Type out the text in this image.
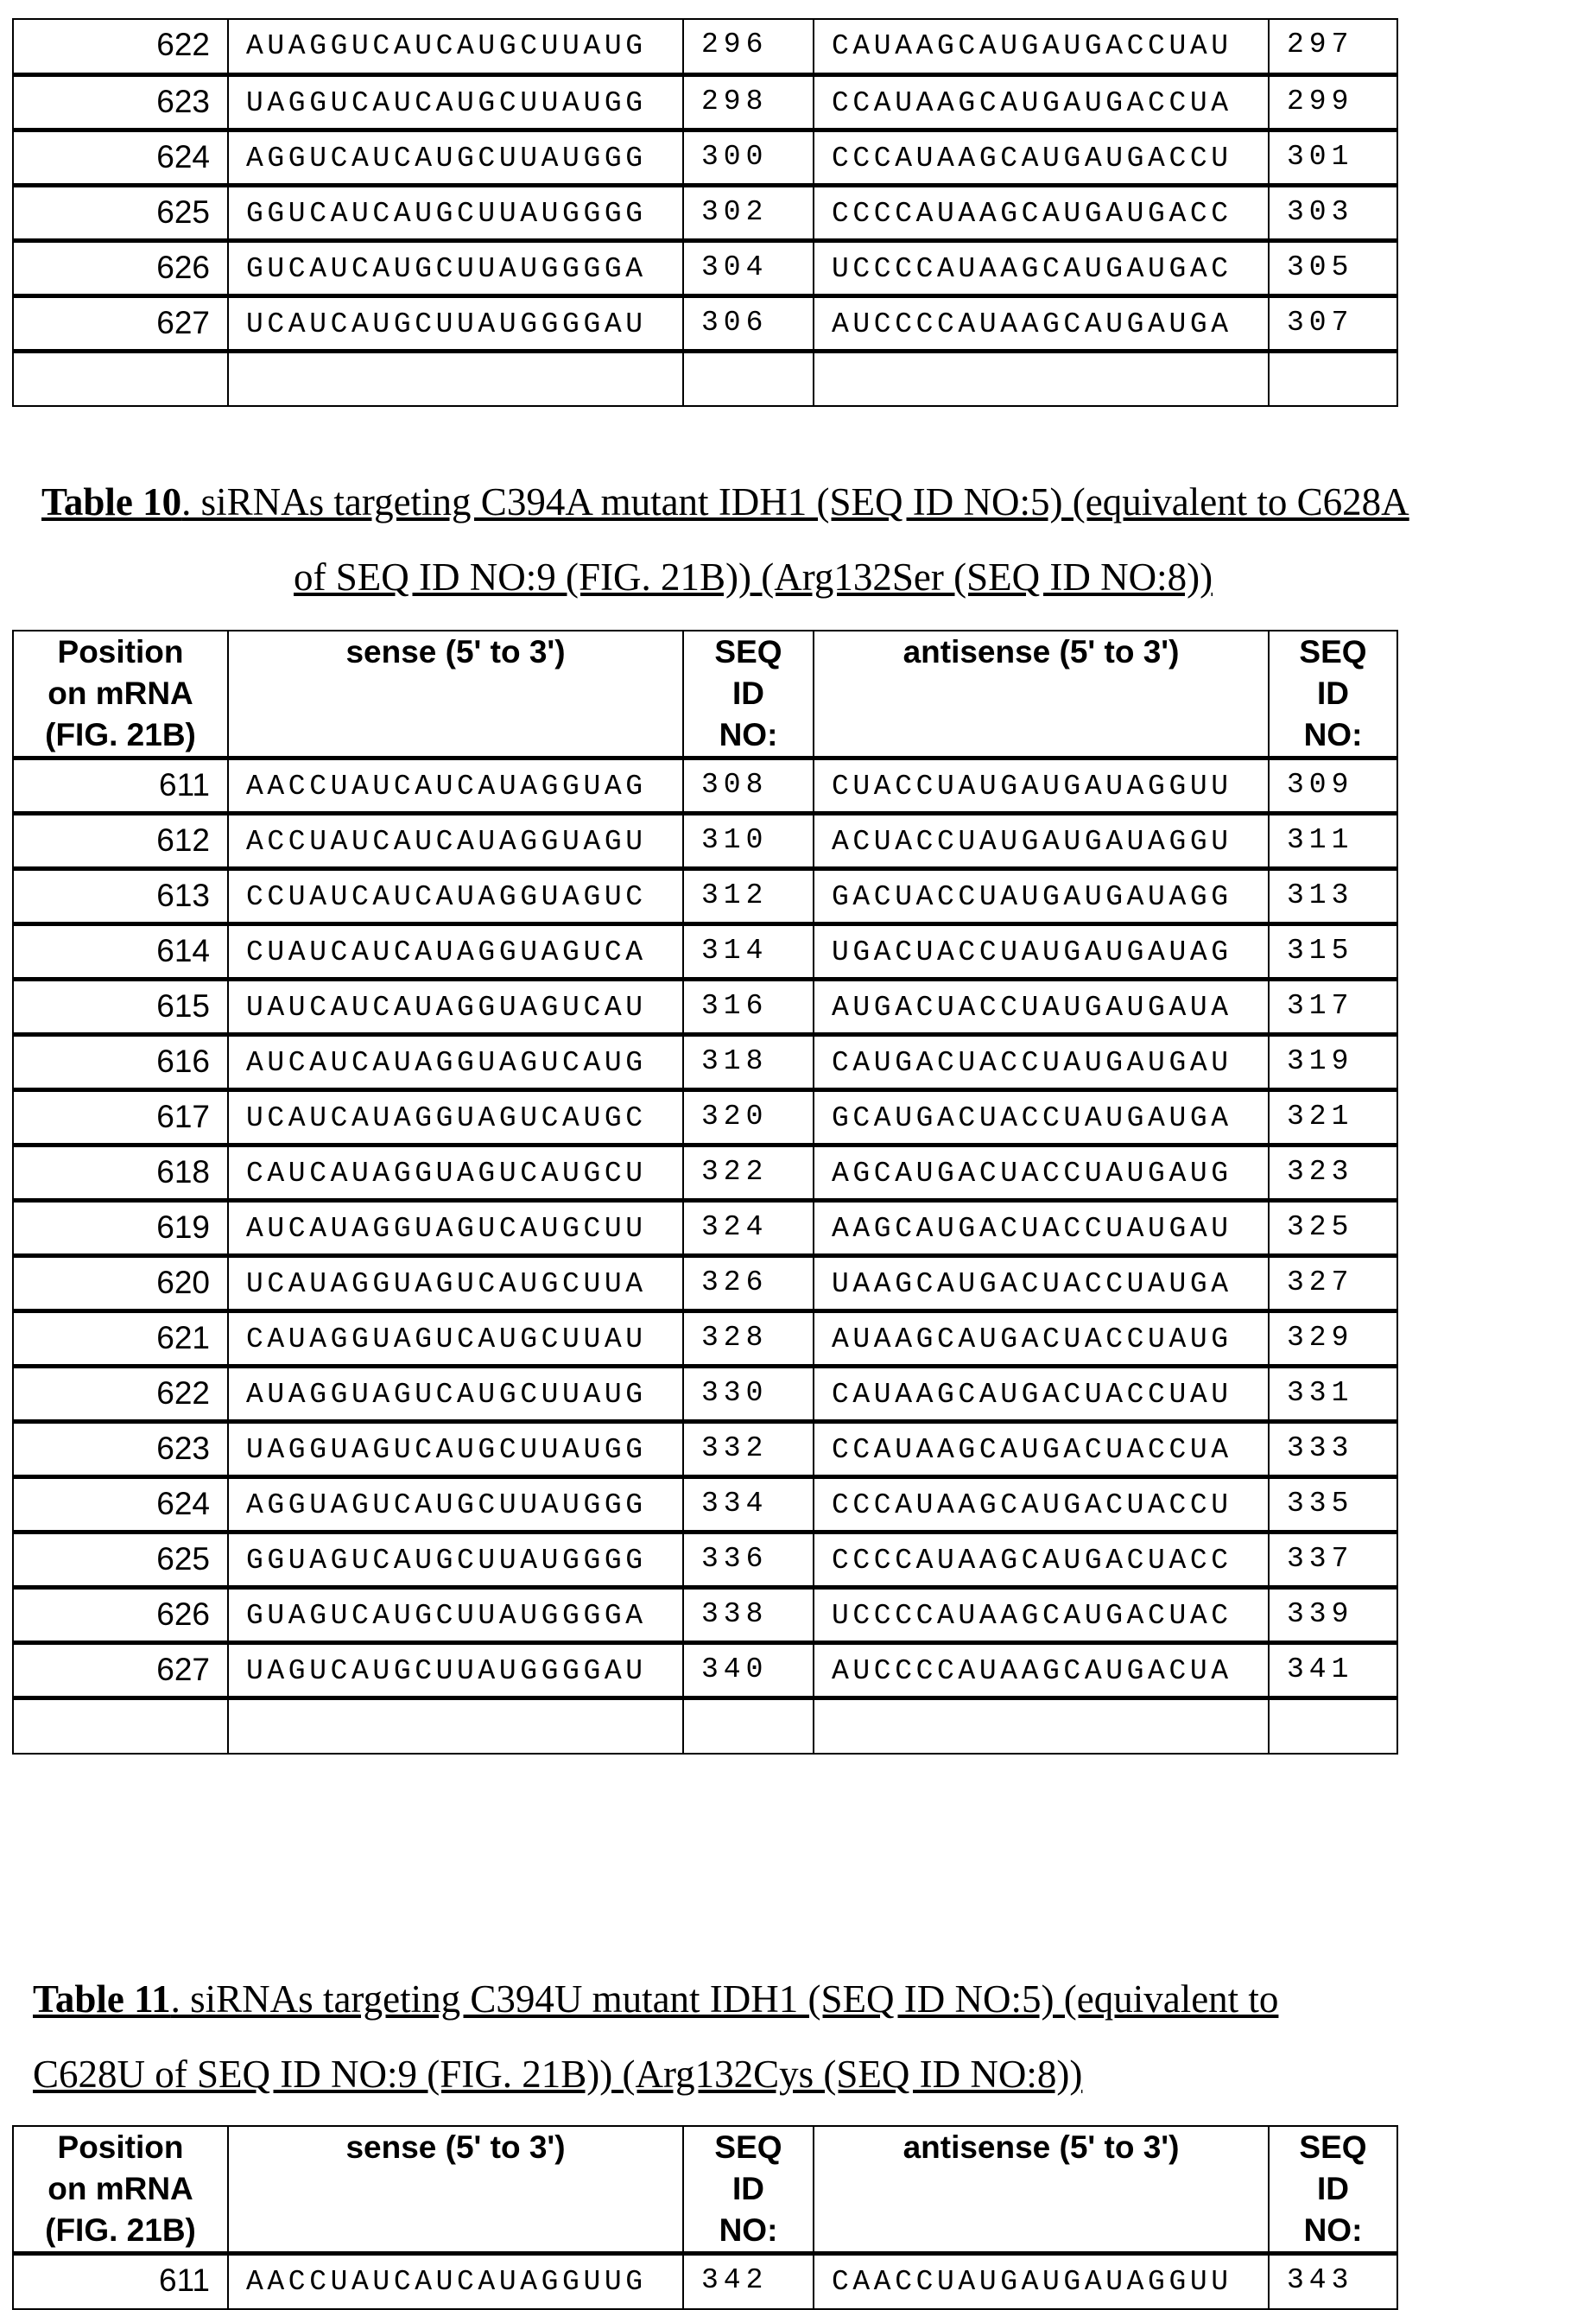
622	AUAGGUCAUCAUGCUUAUG	296	CAUAAGCAUGAUGACCUAU	297
623	UAGGUCAUCAUGCUUAUGG	298	CCAUAAGCAUGAUGACCUA	299
624	AGGUCAUCAUGCUUAUGGG	300	CCCAUAAGCAUGAUGACCU	301
625	GGUCAUCAUGCUUAUGGGG	302	CCCCAUAAGCAUGAUGACC	303
626	GUCAUCAUGCUUAUGGGGA	304	UCCCCAUAAGCAUGAUGAC	305
627	UCAUCAUGCUUAUGGGGAU	306	AUCCCCAUAAGCAUGAUGA	307

Table 10. siRNAs targeting C394A mutant IDH1 (SEQ ID NO:5) (equivalent to C628A
of SEQ ID NO:9 (FIG. 21B)) (Arg132Ser (SEQ ID NO:8))
Position
on mRNA
(FIG. 21B)
	sense (5' to 3')	SEQ
ID
NO:
	antisense (5' to 3')	SEQ
ID
NO:

611	AACCUAUCAUCAUAGGUAG	308	CUACCUAUGAUGAUAGGUU	309
612	ACCUAUCAUCAUAGGUAGU	310	ACUACCUAUGAUGAUAGGU	311
613	CCUAUCAUCAUAGGUAGUC	312	GACUACCUAUGAUGAUAGG	313
614	CUAUCAUCAUAGGUAGUCA	314	UGACUACCUAUGAUGAUAG	315
615	UAUCAUCAUAGGUAGUCAU	316	AUGACUACCUAUGAUGAUA	317
616	AUCAUCAUAGGUAGUCAUG	318	CAUGACUACCUAUGAUGAU	319
617	UCAUCAUAGGUAGUCAUGC	320	GCAUGACUACCUAUGAUGA	321
618	CAUCAUAGGUAGUCAUGCU	322	AGCAUGACUACCUAUGAUG	323
619	AUCAUAGGUAGUCAUGCUU	324	AAGCAUGACUACCUAUGAU	325
620	UCAUAGGUAGUCAUGCUUA	326	UAAGCAUGACUACCUAUGA	327
621	CAUAGGUAGUCAUGCUUAU	328	AUAAGCAUGACUACCUAUG	329
622	AUAGGUAGUCAUGCUUAUG	330	CAUAAGCAUGACUACCUAU	331
623	UAGGUAGUCAUGCUUAUGG	332	CCAUAAGCAUGACUACCUA	333
624	AGGUAGUCAUGCUUAUGGG	334	CCCAUAAGCAUGACUACCU	335
625	GGUAGUCAUGCUUAUGGGG	336	CCCCAUAAGCAUGACUACC	337
626	GUAGUCAUGCUUAUGGGGA	338	UCCCCAUAAGCAUGACUAC	339
627	UAGUCAUGCUUAUGGGGAU	340	AUCCCCAUAAGCAUGACUA	341

Table 11. siRNAs targeting C394U mutant IDH1 (SEQ ID NO:5) (equivalent to
C628U of SEQ ID NO:9 (FIG. 21B)) (Arg132Cys (SEQ ID NO:8))
Position
on mRNA
(FIG. 21B)
	sense (5' to 3')	SEQ
ID
NO:
	antisense (5' to 3')	SEQ
ID
NO:

611	AACCUAUCAUCAUAGGUUG	342	CAACCUAUGAUGAUAGGUU	343
